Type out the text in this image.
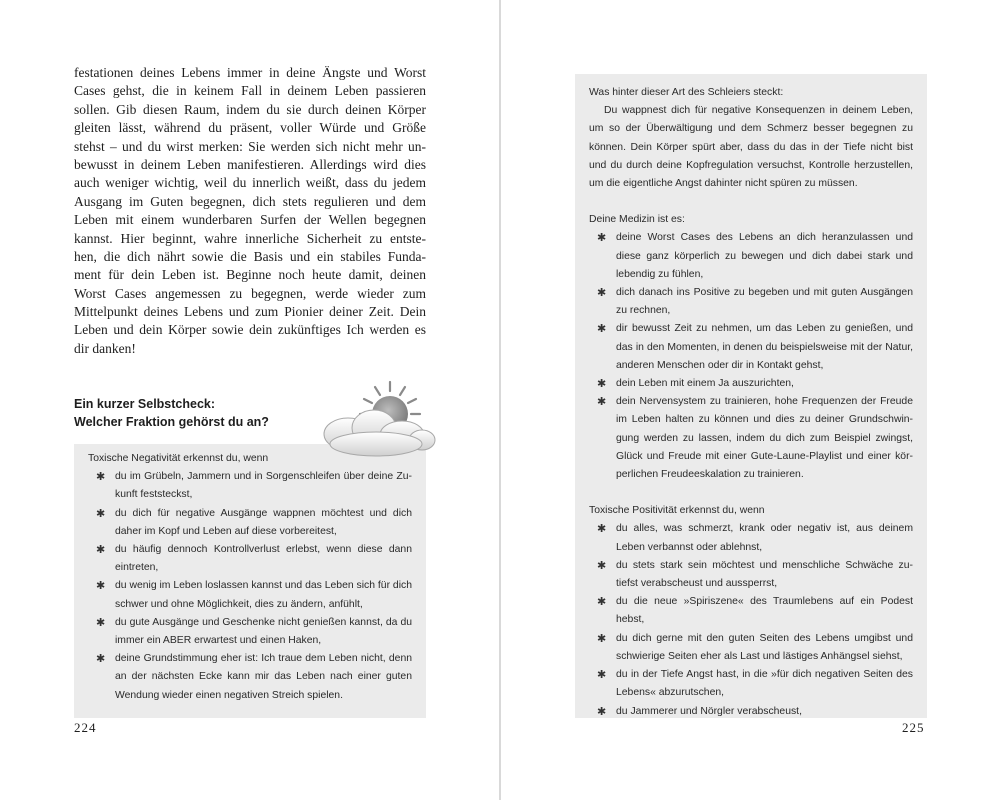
festationen deines Lebens immer in deine Ängste und Worst
Cases gehst, die in keinem Fall in deinem Leben passieren
sollen. Gib diesen Raum, indem du sie durch deinen Körper
gleiten lässt, während du präsent, voller Würde und Größe
stehst – und du wirst merken: Sie werden sich nicht mehr un-
bewusst in deinem Leben manifestieren. Allerdings wird dies
auch weniger wichtig, weil du innerlich weißt, dass du jedem
Ausgang im Guten begegnen, dich stets regulieren und dem
Leben mit einem wunderbaren Surfen der Wellen begegnen
kannst. Hier beginnt, wahre innerliche Sicherheit zu entste-
hen, die dich nährt sowie die Basis und ein stabiles Funda-
ment für dein Leben ist. Beginne noch heute damit, deinen
Worst Cases angemessen zu begegnen, werde wieder zum
Mittelpunkt deines Lebens und zum Pionier deiner Zeit. Dein
Leben und dein Körper sowie dein zukünftiges Ich werden es
dir danken!
Ein kurzer Selbstcheck:
Welcher Fraktion gehörst du an?
Toxische Negativität erkennst du, wenn
✱ du im Grübeln, Jammern und in Sorgenschleifen über deine Zu-kunft feststeckst,
✱ du dich für negative Ausgänge wappnen möchtest und dich daher im Kopf und Leben auf diese vorbereitest,
✱ du häufig dennoch Kontrollverlust erlebst, wenn diese dann eintreten,
✱ du wenig im Leben loslassen kannst und das Leben sich für dich schwer und ohne Möglichkeit, dies zu ändern, anfühlt,
✱ du gute Ausgänge und Geschenke nicht genießen kannst, da du immer ein ABER erwartest und einen Haken,
✱ deine Grundstimmung eher ist: Ich traue dem Leben nicht, denn an der nächsten Ecke kann mir das Leben nach einer guten Wendung wieder einen negativen Streich spielen.
224
Was hinter dieser Art des Schleiers steckt:

Du wappnest dich für negative Konsequenzen in deinem Leben, um so der Überwältigung und dem Schmerz besser begegnen zu können. Dein Körper spürt aber, dass du das in der Tiefe nicht bist und du durch deine Kopfregulation versuchst, Kontrolle herzustellen, um die eigentliche Angst dahinter nicht spüren zu müssen.

Deine Medizin ist es:
✱ deine Worst Cases des Lebens an dich heranzulassen und diese ganz körperlich zu bewegen und dich dabei stark und lebendig zu fühlen,
✱ dich danach ins Positive zu begeben und mit guten Ausgängen zu rechnen,
✱ dir bewusst Zeit zu nehmen, um das Leben zu genießen, und das in den Momenten, in denen du beispielsweise mit der Natur, anderen Menschen oder dir in Kontakt gehst,
✱ dein Leben mit einem Ja auszurichten,
✱ dein Nervensystem zu trainieren, hohe Frequenzen der Freude im Leben halten zu können und dies zu deiner Grundschwin-gung werden zu lassen, indem du dich zum Beispiel zwingst, Glück und Freude mit einer Gute-Laune-Playlist und einer kör-perlichen Freudeeskalation zu trainieren.
Toxische Positivität erkennst du, wenn
✱ du alles, was schmerzt, krank oder negativ ist, aus deinem Leben verbannst oder ablehnst,
✱ du stets stark sein möchtest und menschliche Schwäche zu-tiefst verabscheust und aussperrst,
✱ du die neue »Spiriszene« des Traumlebens auf ein Podest hebst,
✱ du dich gerne mit den guten Seiten des Lebens umgibst und schwierige Seiten eher als Last und lästiges Anhängsel siehst,
✱ du in der Tiefe Angst hast, in die »für dich negativen Seiten des Lebens« abzurutschen,
✱ du Jammerer und Nörgler verabscheust,
225
